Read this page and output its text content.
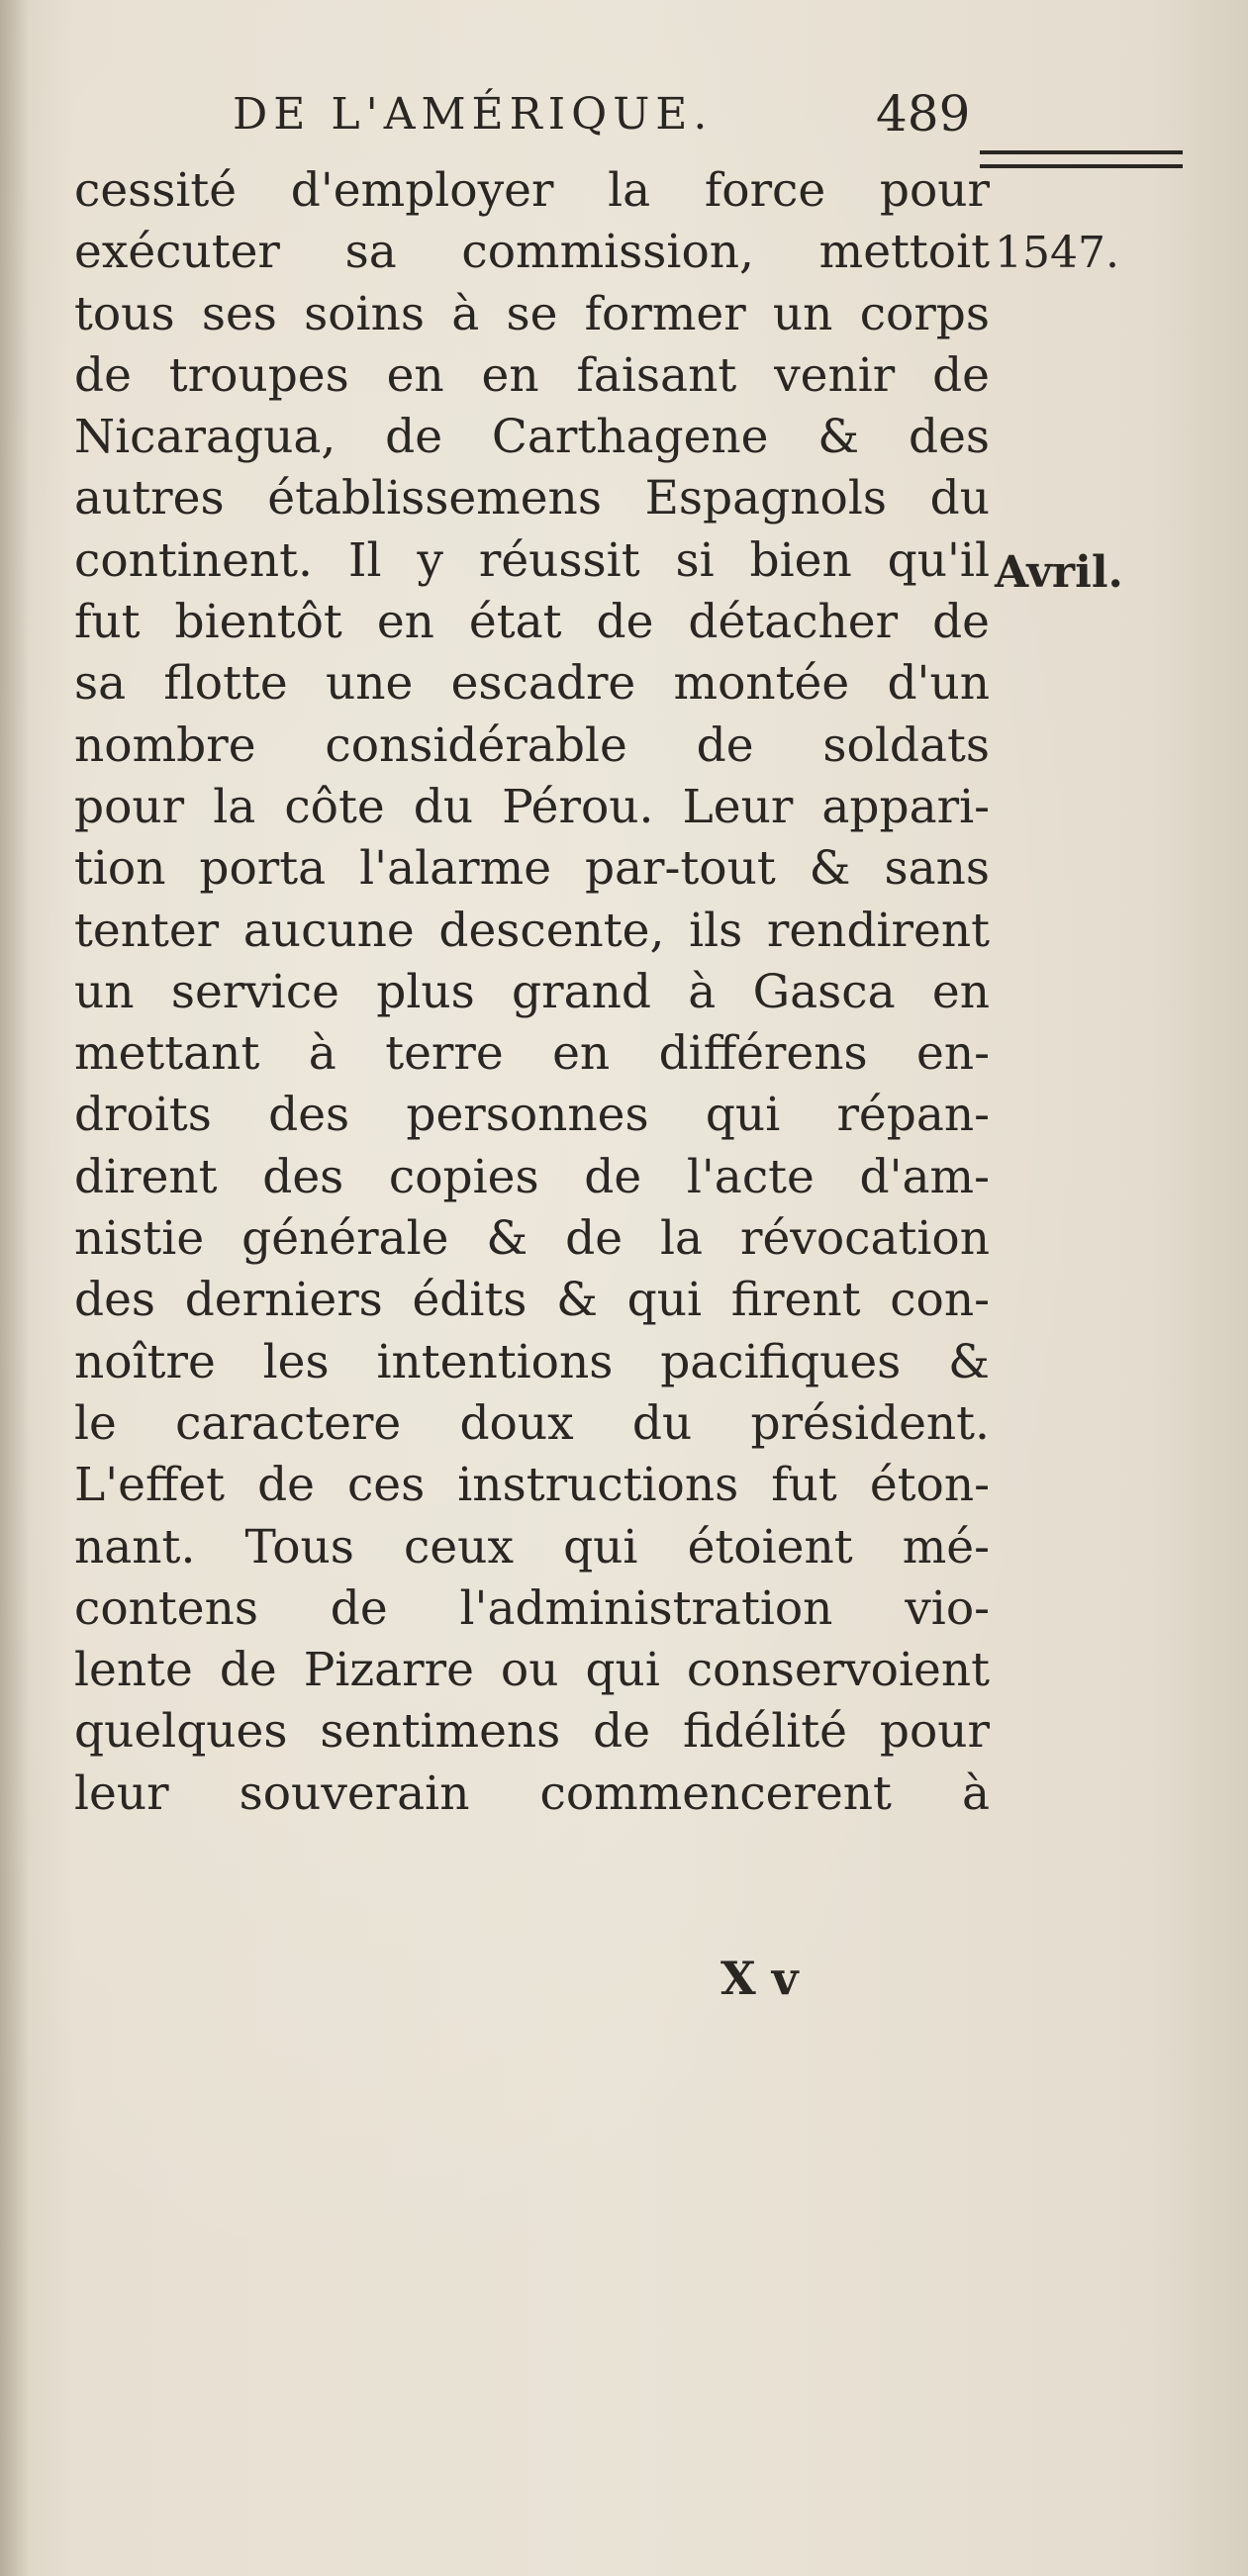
DE L'AMÉRIQUE.	489
1547.
Avril.
cessité d'employer la force pour
exécuter sa commission, mettoit
tous ses soins à se former un corps
de troupes en en faisant venir de
Nicaragua, de Carthagene & des
autres établissemens Espagnols du
continent. Il y réussit si bien qu'il
fut bientôt en état de détacher de
sa flotte une escadre montée d'un
nombre considérable de soldats
pour la côte du Pérou. Leur appari-
tion porta l'alarme par-tout & sans
tenter aucune descente, ils rendirent
un service plus grand à Gasca en
mettant à terre en différens en-
droits des personnes qui répan-
dirent des copies de l'acte d'am-
nistie générale & de la révocation
des derniers édits & qui firent con-
noître les intentions pacifiques &
le caractere doux du président.
L'effet de ces instructions fut éton-
nant. Tous ceux qui étoient mé-
contens de l'administration vio-
lente de Pizarre ou qui conservoient
quelques sentimens de fidélité pour
leur souverain commencerent à
X v
